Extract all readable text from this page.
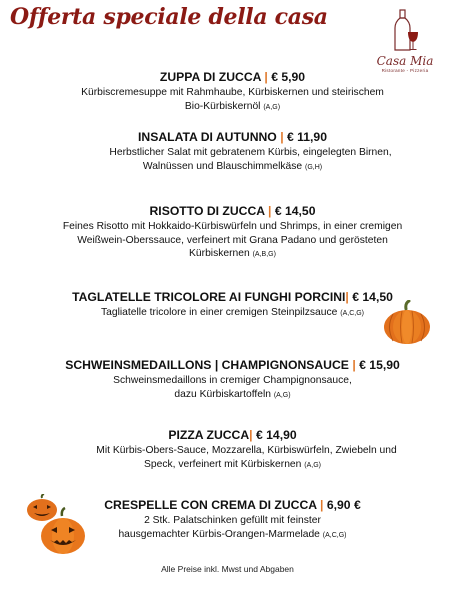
Offerta speciale della casa
Casa Mia
Ristorante - Pizzeria
ZUPPA DI ZUCCA | € 5,90
Kürbiscremesuppe mit Rahmhaube, Kürbiskernen und steirischem
Bio-Kürbiskernöl (A,G)
INSALATA DI AUTUNNO | € 11,90
Herbstlicher Salat mit gebratenem Kürbis, eingelegten Birnen,
Walnüssen und Blauschimmelkäse (G,H)
RISOTTO DI ZUCCA | € 14,50
Feines Risotto mit Hokkaido-Kürbiswürfeln und Shrimps, in einer cremigen
Weißwein-Oberssauce, verfeinert mit Grana Padano und gerösteten
Kürbiskernen (A,B,G)
TAGLATELLE TRICOLORE AI FUNGHI PORCINI| € 14,50
Tagliatelle tricolore in einer cremigen Steinpilzsauce (A,C,G)
SCHWEINSMEDAILLONS | CHAMPIGNONSAUCE | € 15,90
Schweinsmedaillons in cremiger Champignonsauce,
dazu Kürbiskartoffeln (A,G)
PIZZA ZUCCA| € 14,90
Mit Kürbis-Obers-Sauce, Mozzarella, Kürbiswürfeln, Zwiebeln und
Speck, verfeinert mit Kürbiskernen (A,G)
CRESPELLE CON CREMA DI ZUCCA | 6,90 €
2 Stk. Palatschinken gefüllt mit feinster
hausgemachter Kürbis-Orangen-Marmelade (A,C,G)
Alle Preise inkl. Mwst und Abgaben
